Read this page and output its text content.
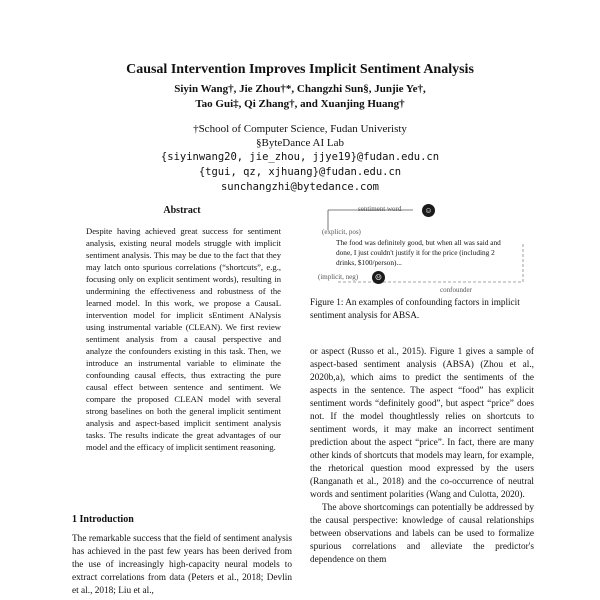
Causal Intervention Improves Implicit Sentiment Analysis
Siyin Wang†, Jie Zhou†*, Changzhi Sun§, Junjie Ye†,
Tao Gui‡, Qi Zhang†, and Xuanjing Huang†
†School of Computer Science, Fudan Univeristy
§ByteDance AI Lab
{siyinwang20, jie_zhou, jjye19}@fudan.edu.cn
{tgui, qz, xjhuang}@fudan.edu.cn
sunchangzhi@bytedance.com
Abstract
Despite having achieved great success for sentiment analysis, existing neural models struggle with implicit sentiment analysis. This may be due to the fact that they may latch onto spurious correlations (“shortcuts”, e.g., focusing only on explicit sentiment words), resulting in undermining the effectiveness and robustness of the learned model. In this work, we propose a CausaL intervention model for implicit sEntiment ANalysis using instrumental variable (CLEAN). We first review sentiment analysis from a causal perspective and analyze the confounders existing in this task. Then, we introduce an instrumental variable to eliminate the confounding causal effects, thus extracting the pure causal effect between sentence and sentiment. We compare the proposed CLEAN model with several strong baselines on both the general implicit sentiment analysis and aspect-based implicit sentiment analysis tasks. The results indicate the great advantages of our model and the efficacy of implicit sentiment reasoning.
1 Introduction
The remarkable success that the field of sentiment analysis has achieved in the past few years has been derived from the use of increasingly high-capacity neural models to extract correlations from data (Peters et al., 2018; Devlin et al., 2018; Liu et al.,
sentiment word	☺
(explicit, pos)
The food was definitely good, but when all was said and done, I just couldn't justify it for the price (including 2 drinks, $100/person)...
(implicit, neg)	☹
confounder
Figure 1: An examples of confounding factors in implicit sentiment analysis for ABSA.

or aspect (Russo et al., 2015). Figure 1 gives a sample of aspect-based sentiment analysis (ABSA) (Zhou et al., 2020b,a), which aims to predict the sentiments of the aspects in the sentence. The aspect “food” has explicit sentiment words “definitely good”, but aspect “price” does not. If the model thoughtlessly relies on shortcuts to sentiment words, it may make an incorrect sentiment prediction about the aspect “price”. In fact, there are many other kinds of shortcuts that models may learn, for example, the rhetorical question mood expressed by the users (Ranganath et al., 2018) and the co-occurrence of neutral words and sentiment polarities (Wang and Culotta, 2020).

The above shortcomings can potentially be addressed by the causal perspective: knowledge of causal relationships between observations and labels can be used to formalize spurious correlations and alleviate the predictor's dependence on them
